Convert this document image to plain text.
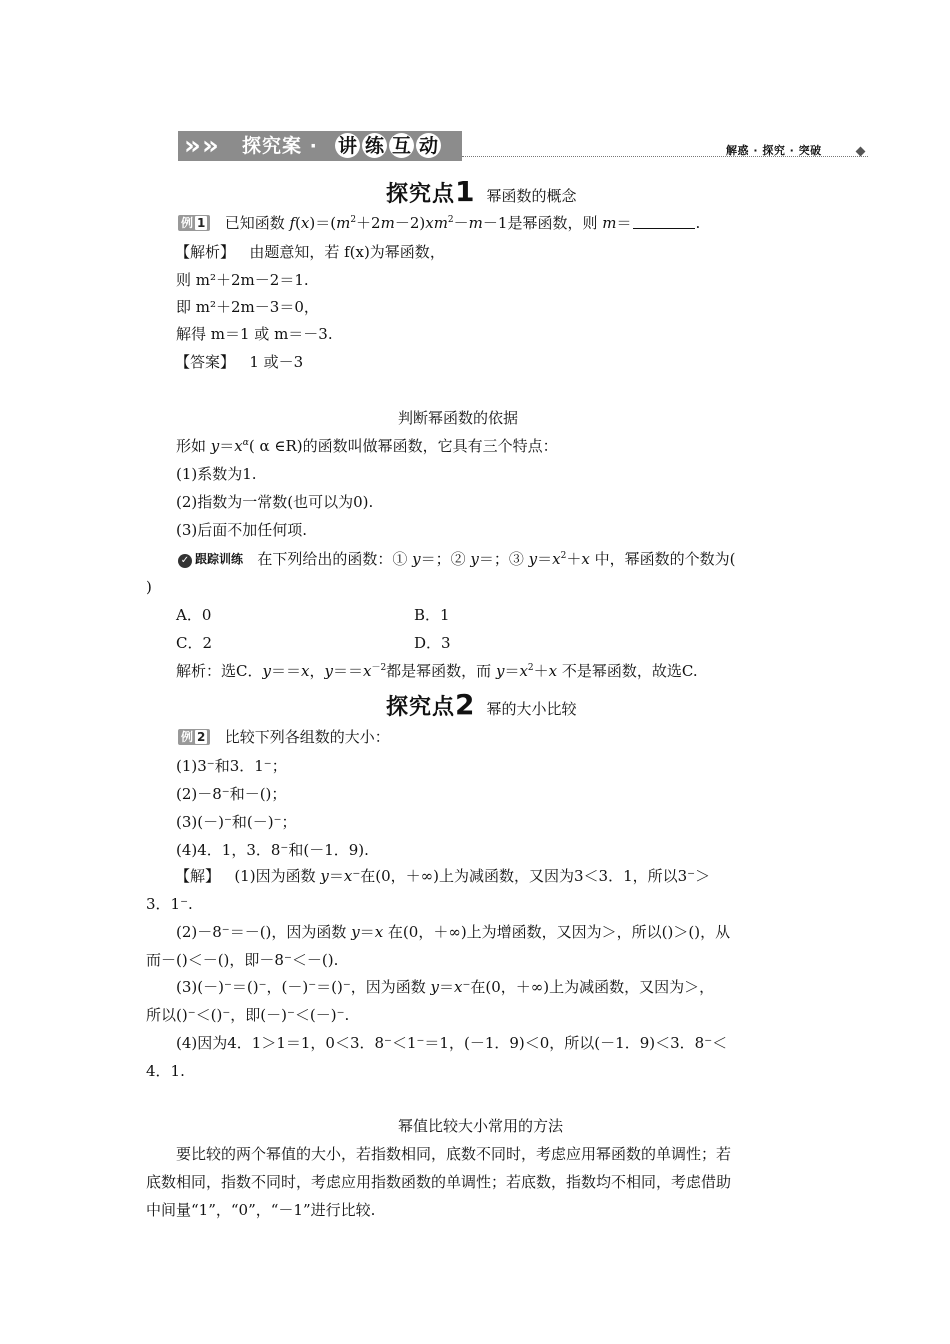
» » 探究案 · 讲 练 互 动	解惑 · 探究 · 突破
探究点1 幂函数的概念
例 1 已知函数 $f(x)=(m^2+2m-2)xm^2-m-1$是幂函数，则 m＝	.
【解析】 由题意知，若 f(x)为幂函数，
则 m²＋2m－2＝1.
即 m²＋2m－3＝0，
解得 m＝1 或 m＝－3.
【答案】 1 或－3
判断幂函数的依据
形如 $y=x^\alpha$( α ∈R)的函数叫做幂函数，它具有三个特点：
(1)系数为1.
(2)指数为一常数(也可以为0).
(3)后面不加任何项.
✓ 跟踪训练 在下列给出的函数：① y＝；② y＝；③ $y=x^2+x$ 中，幂函数的个数为(
)
A．0	B．1
C．2	D．3
解析：选C．y＝＝x，$y==x^{-2}$都是幂函数，而 $y=x^2+x$ 不是幂函数，故选C.
探究点2 幂的大小比较
例 2 比较下列各组数的大小：
(1)3⁻和3．1⁻；
(2)－8⁻和－()；
(3)(－)⁻和(－)⁻；
(4)4．1，3．8⁻和(－1．9).
【解】 (1)因为函数 y＝x⁻在(0，＋∞)上为减函数，又因为3＜3．1，所以3⁻＞
3．1⁻.
(2)－8⁻＝－()，因为函数 y＝x 在(0，＋∞)上为增函数，又因为＞，所以()＞()，从
而－()＜－()，即－8⁻＜－().
(3)(－)⁻＝()⁻，(－)⁻＝()⁻，因为函数 y＝x⁻在(0，＋∞)上为减函数，又因为＞，
所以()⁻＜()⁻，即(－)⁻＜(－)⁻.
(4)因为4．1＞1＝1，0＜3．8⁻＜1⁻＝1，(－1．9)＜0，所以(－1．9)＜3．8⁻＜
4．1.
幂值比较大小常用的方法
要比较的两个幂值的大小，若指数相同，底数不同时，考虑应用幂函数的单调性；若
底数相同，指数不同时，考虑应用指数函数的单调性；若底数，指数均不相同，考虑借助
中间量“1”，“0”，“－1”进行比较.
